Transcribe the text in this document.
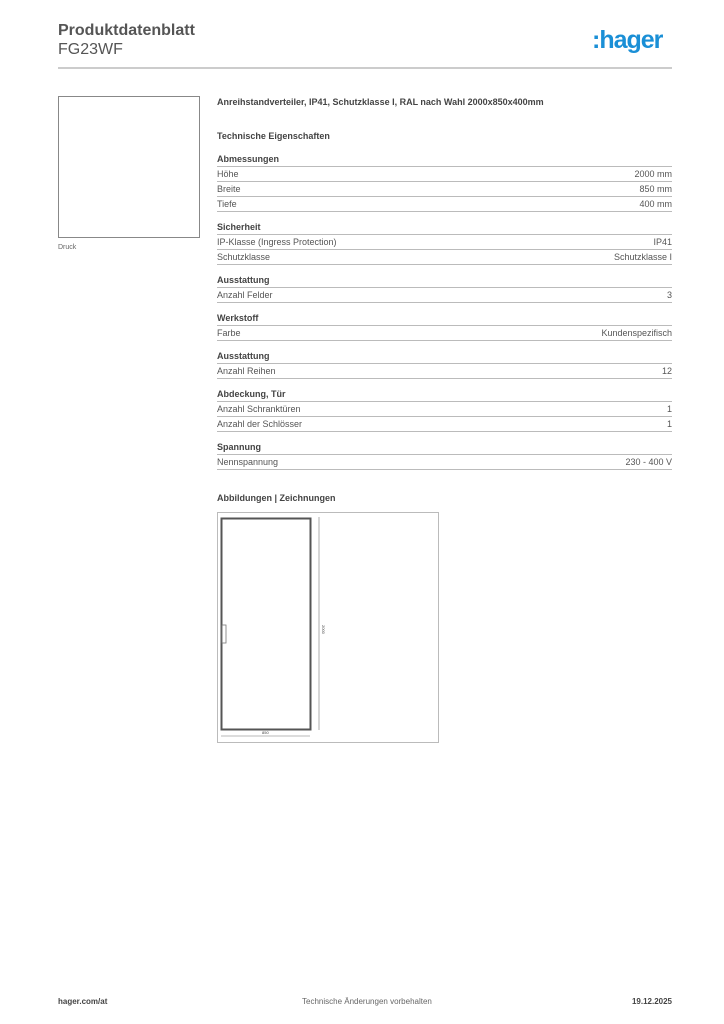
Produktdatenblatt
FG23WF	:hager
Druck
Anreihstandverteiler, IP41, Schutzklasse I, RAL nach Wahl 2000x850x400mm
Technische Eigenschaften
Abmessungen
Höhe	2000 mm
Breite	850 mm
Tiefe	400 mm
Sicherheit
IP-Klasse (Ingress Protection)	IP41
Schutzklasse	Schutzklasse I
Ausstattung
Anzahl Felder	3
Werkstoff
Farbe	Kundenspezifisch
Ausstattung
Anzahl Reihen	12
Abdeckung, Tür
Anzahl Schranktüren	1
Anzahl der Schlösser	1
Spannung
Nennspannung	230 - 400 V
Abbildungen | Zeichnungen
2000
850
hager.com/at	Technische Änderungen vorbehalten	19.12.2025
